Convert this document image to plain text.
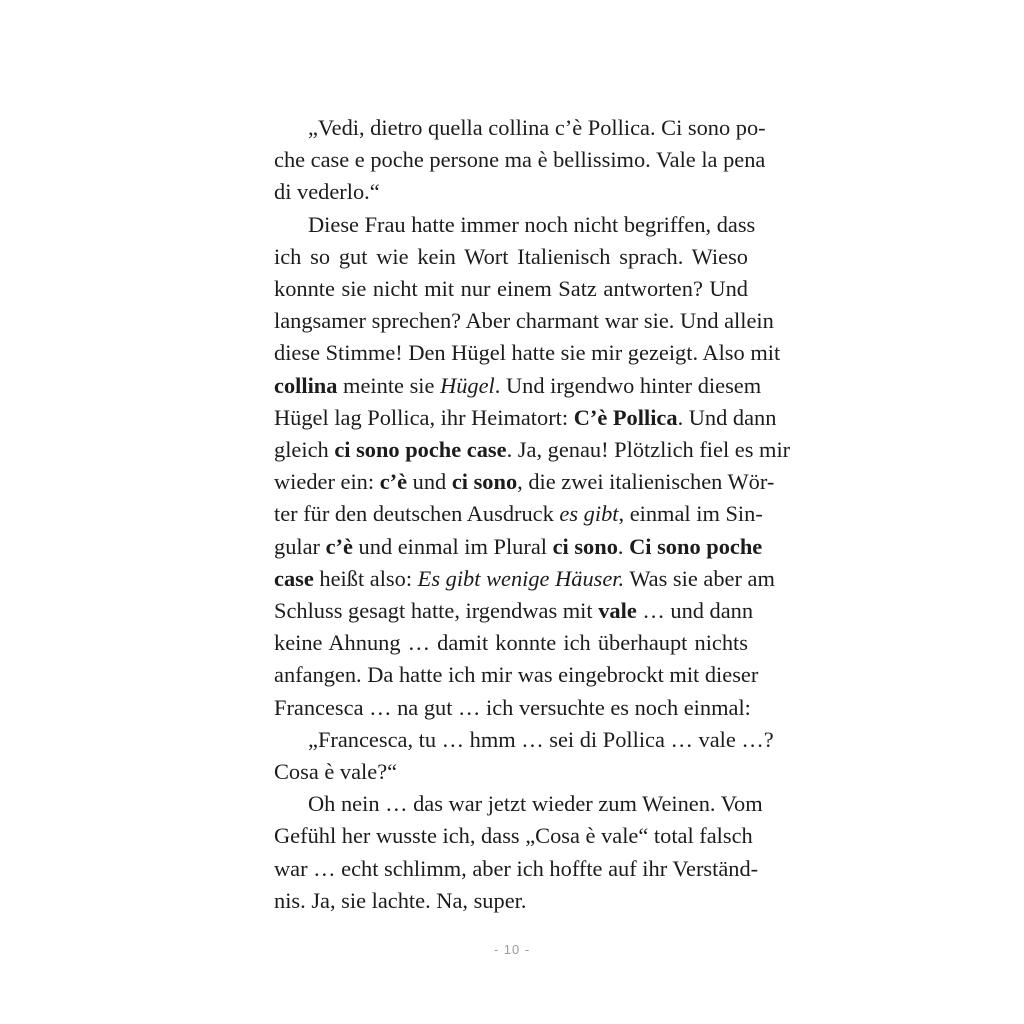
„Vedi, dietro quella collina c’è Pollica. Ci sono po-
che case e poche persone ma è bellissimo. Vale la pena
di vederlo.“
Diese Frau hatte immer noch nicht begriffen, dass
ich so gut wie kein Wort Italienisch sprach. Wieso
konnte sie nicht mit nur einem Satz antworten? Und
langsamer sprechen? Aber charmant war sie. Und allein
diese Stimme! Den Hügel hatte sie mir gezeigt. Also mit
collina meinte sie Hügel. Und irgendwo hinter diesem
Hügel lag Pollica, ihr Heimatort: C’è Pollica. Und dann
gleich ci sono poche case. Ja, genau! Plötzlich fiel es mir
wieder ein: c’è und ci sono, die zwei italienischen Wör-
ter für den deutschen Ausdruck es gibt, einmal im Sin-
gular c’è und einmal im Plural ci sono. Ci sono poche
case heißt also: Es gibt wenige Häuser. Was sie aber am
Schluss gesagt hatte, irgendwas mit vale … und dann
keine Ahnung … damit konnte ich überhaupt nichts
anfangen. Da hatte ich mir was eingebrockt mit dieser
Francesca … na gut … ich versuchte es noch einmal:
„Francesca, tu … hmm … sei di Pollica … vale …?
Cosa è vale?“
Oh nein … das war jetzt wieder zum Weinen. Vom
Gefühl her wusste ich, dass „Cosa è vale“ total falsch
war … echt schlimm, aber ich hoffte auf ihr Verständ-
nis. Ja, sie lachte. Na, super.
- 10 -
